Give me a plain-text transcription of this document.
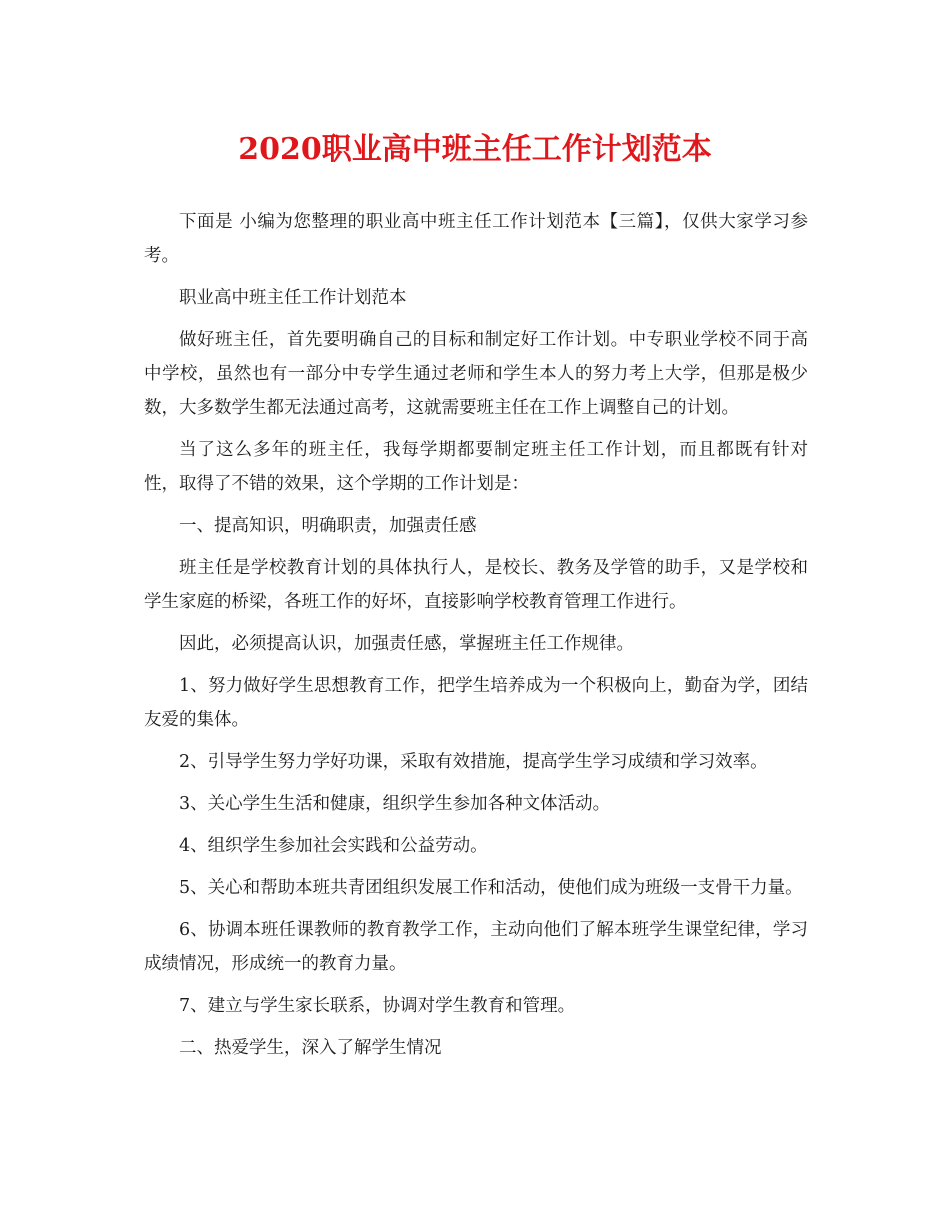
2020职业高中班主任工作计划范本

下面是 小编为您整理的职业高中班主任工作计划范本【三篇】，仅供大家学习参考。

职业高中班主任工作计划范本

做好班主任，首先要明确自己的目标和制定好工作计划。中专职业学校不同于高中学校，虽然也有一部分中专学生通过老师和学生本人的努力考上大学，但那是极少数，大多数学生都无法通过高考，这就需要班主任在工作上调整自己的计划。

当了这么多年的班主任，我每学期都要制定班主任工作计划，而且都既有针对性，取得了不错的效果，这个学期的工作计划是：

一、提高知识，明确职责，加强责任感

班主任是学校教育计划的具体执行人，是校长、教务及学管的助手，又是学校和学生家庭的桥梁，各班工作的好坏，直接影响学校教育管理工作进行。

因此，必须提高认识，加强责任感，掌握班主任工作规律。

1、努力做好学生思想教育工作，把学生培养成为一个积极向上，勤奋为学，团结友爱的集体。

2、引导学生努力学好功课，采取有效措施，提高学生学习成绩和学习效率。

3、关心学生生活和健康，组织学生参加各种文体活动。

4、组织学生参加社会实践和公益劳动。

5、关心和帮助本班共青团组织发展工作和活动，使他们成为班级一支骨干力量。

6、协调本班任课教师的教育教学工作，主动向他们了解本班学生课堂纪律，学习成绩情况，形成统一的教育力量。

7、建立与学生家长联系，协调对学生教育和管理。

二、热爱学生，深入了解学生情况
